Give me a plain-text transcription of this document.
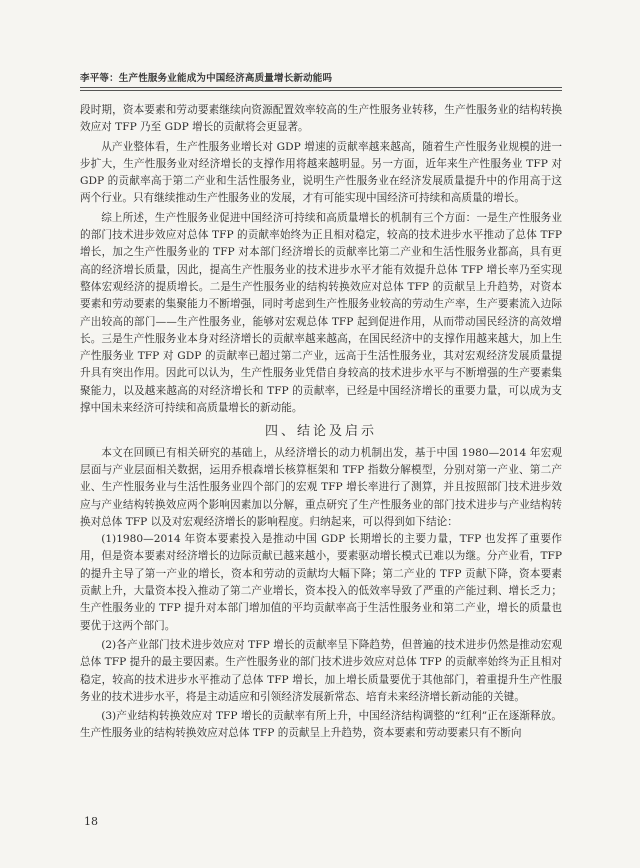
李平等：生产性服务业能成为中国经济高质量增长新动能吗

段时期，资本要素和劳动要素继续向资源配置效率较高的生产性服务业转移，生产性服务业的结构转换效应对 TFP 乃至 GDP 增长的贡献将会更显著。

从产业整体看，生产性服务业增长对 GDP 增速的贡献率越来越高，随着生产性服务业规模的进一步扩大，生产性服务业对经济增长的支撑作用将越来越明显。另一方面，近年来生产性服务业 TFP 对 GDP 的贡献率高于第二产业和生活性服务业，说明生产性服务业在经济发展质量提升中的作用高于这两个行业。只有继续推动生产性服务业的发展，才有可能实现中国经济可持续和高质量的增长。

综上所述，生产性服务业促进中国经济可持续和高质量增长的机制有三个方面：一是生产性服务业的部门技术进步效应对总体 TFP 的贡献率始终为正且相对稳定，较高的技术进步水平推动了总体 TFP 增长，加之生产性服务业的 TFP 对本部门经济增长的贡献率比第二产业和生活性服务业都高，具有更高的经济增长质量，因此，提高生产性服务业的技术进步水平才能有效提升总体 TFP 增长率乃至实现整体宏观经济的提质增长。二是生产性服务业的结构转换效应对总体 TFP 的贡献呈上升趋势，对资本要素和劳动要素的集聚能力不断增强，同时考虑到生产性服务业较高的劳动生产率，生产要素流入边际产出较高的部门——生产性服务业，能够对宏观总体 TFP 起到促进作用，从而带动国民经济的高效增长。三是生产性服务业本身对经济增长的贡献率越来越高，在国民经济中的支撑作用越来越大，加上生产性服务业 TFP 对 GDP 的贡献率已超过第二产业，远高于生活性服务业，其对宏观经济发展质量提升具有突出作用。因此可以认为，生产性服务业凭借自身较高的技术进步水平与不断增强的生产要素集聚能力，以及越来越高的对经济增长和 TFP 的贡献率，已经是中国经济增长的重要力量，可以成为支撑中国未来经济可持续和高质量增长的新动能。

四、结论及启示

本文在回顾已有相关研究的基础上，从经济增长的动力机制出发，基于中国 1980—2014 年宏观层面与产业层面相关数据，运用乔根森增长核算框架和 TFP 指数分解模型，分别对第一产业、第二产业、生产性服务业与生活性服务业四个部门的宏观 TFP 增长率进行了测算，并且按照部门技术进步效应与产业结构转换效应两个影响因素加以分解，重点研究了生产性服务业的部门技术进步与产业结构转换对总体 TFP 以及对宏观经济增长的影响程度。归纳起来，可以得到如下结论：

(1)1980—2014 年资本要素投入是推动中国 GDP 长期增长的主要力量，TFP 也发挥了重要作用，但是资本要素对经济增长的边际贡献已越来越小，要素驱动增长模式已难以为继。分产业看，TFP 的提升主导了第一产业的增长，资本和劳动的贡献均大幅下降；第二产业的 TFP 贡献下降，资本要素贡献上升，大量资本投入推动了第二产业增长，资本投入的低效率导致了严重的产能过剩、增长乏力；生产性服务业的 TFP 提升对本部门增加值的平均贡献率高于生活性服务业和第二产业，增长的质量也要优于这两个部门。

(2)各产业部门技术进步效应对 TFP 增长的贡献率呈下降趋势，但普遍的技术进步仍然是推动宏观总体 TFP 提升的最主要因素。生产性服务业的部门技术进步效应对总体 TFP 的贡献率始终为正且相对稳定，较高的技术进步水平推动了总体 TFP 增长，加上增长质量要优于其他部门，着重提升生产性服务业的技术进步水平，将是主动适应和引领经济发展新常态、培育未来经济增长新动能的关键。

(3)产业结构转换效应对 TFP 增长的贡献率有所上升，中国经济结构调整的“红利”正在逐渐释放。生产性服务业的结构转换效应对总体 TFP 的贡献呈上升趋势，资本要素和劳动要素只有不断向

18
